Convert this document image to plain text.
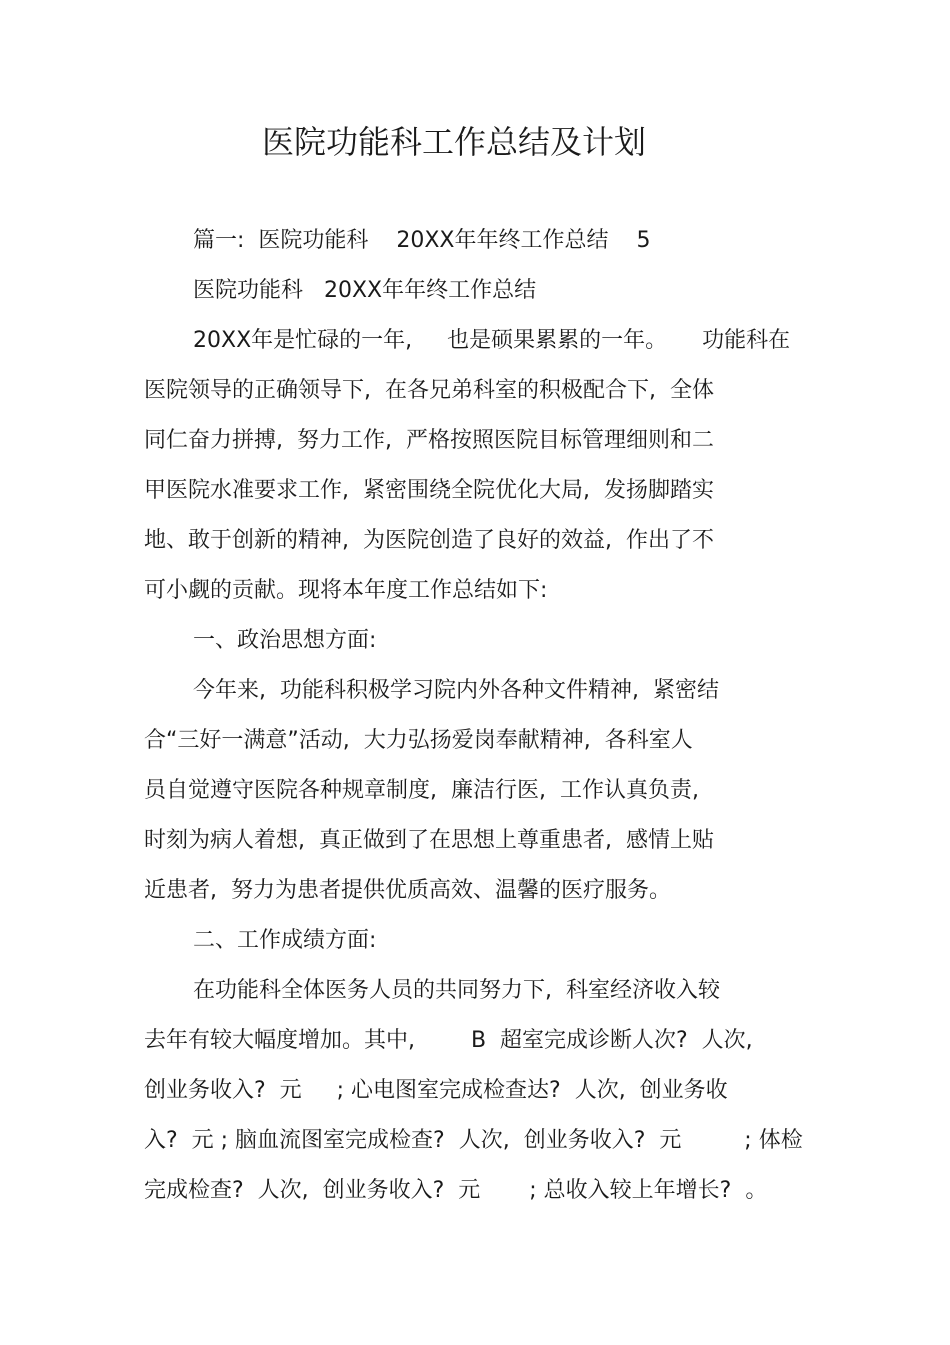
医院功能科工作总结及计划
篇一:  医院功能科    20XX年年终工作总结    5
医院功能科   20XX年年终工作总结
20XX年是忙碌的一年,     也是硕果累累的一年。     功能科在
医院领导的正确领导下,  在各兄弟科室的积极配合下,  全体
同仁奋力拼搏,  努力工作,  严格按照医院目标管理细则和二
甲医院水准要求工作,  紧密围绕全院优化大局,  发扬脚踏实
地、敢于创新的精神,  为医院创造了良好的效益,  作出了不
可小觑的贡献。现将本年度工作总结如下:
一、政治思想方面:
今年来,  功能科积极学习院内外各种文件精神,  紧密结
合“三好一满意”活动,  大力弘扬爱岗奉献精神,  各科室人
员自觉遵守医院各种规章制度,  廉洁行医,  工作认真负责,
时刻为病人着想,  真正做到了在思想上尊重患者,  感情上贴
近患者,  努力为患者提供优质高效、温馨的医疗服务。
二、工作成绩方面:
在功能科全体医务人员的共同努力下,  科室经济收入较
去年有较大幅度增加。其中,        B  超室完成诊断人次?  人次,
创业务收入?  元     ; 心电图室完成检查达?  人次,  创业务收
入?  元 ; 脑血流图室完成检查?  人次,  创业务收入?  元         ; 体检
完成检查?  人次,  创业务收入?  元       ; 总收入较上年增长?  。
